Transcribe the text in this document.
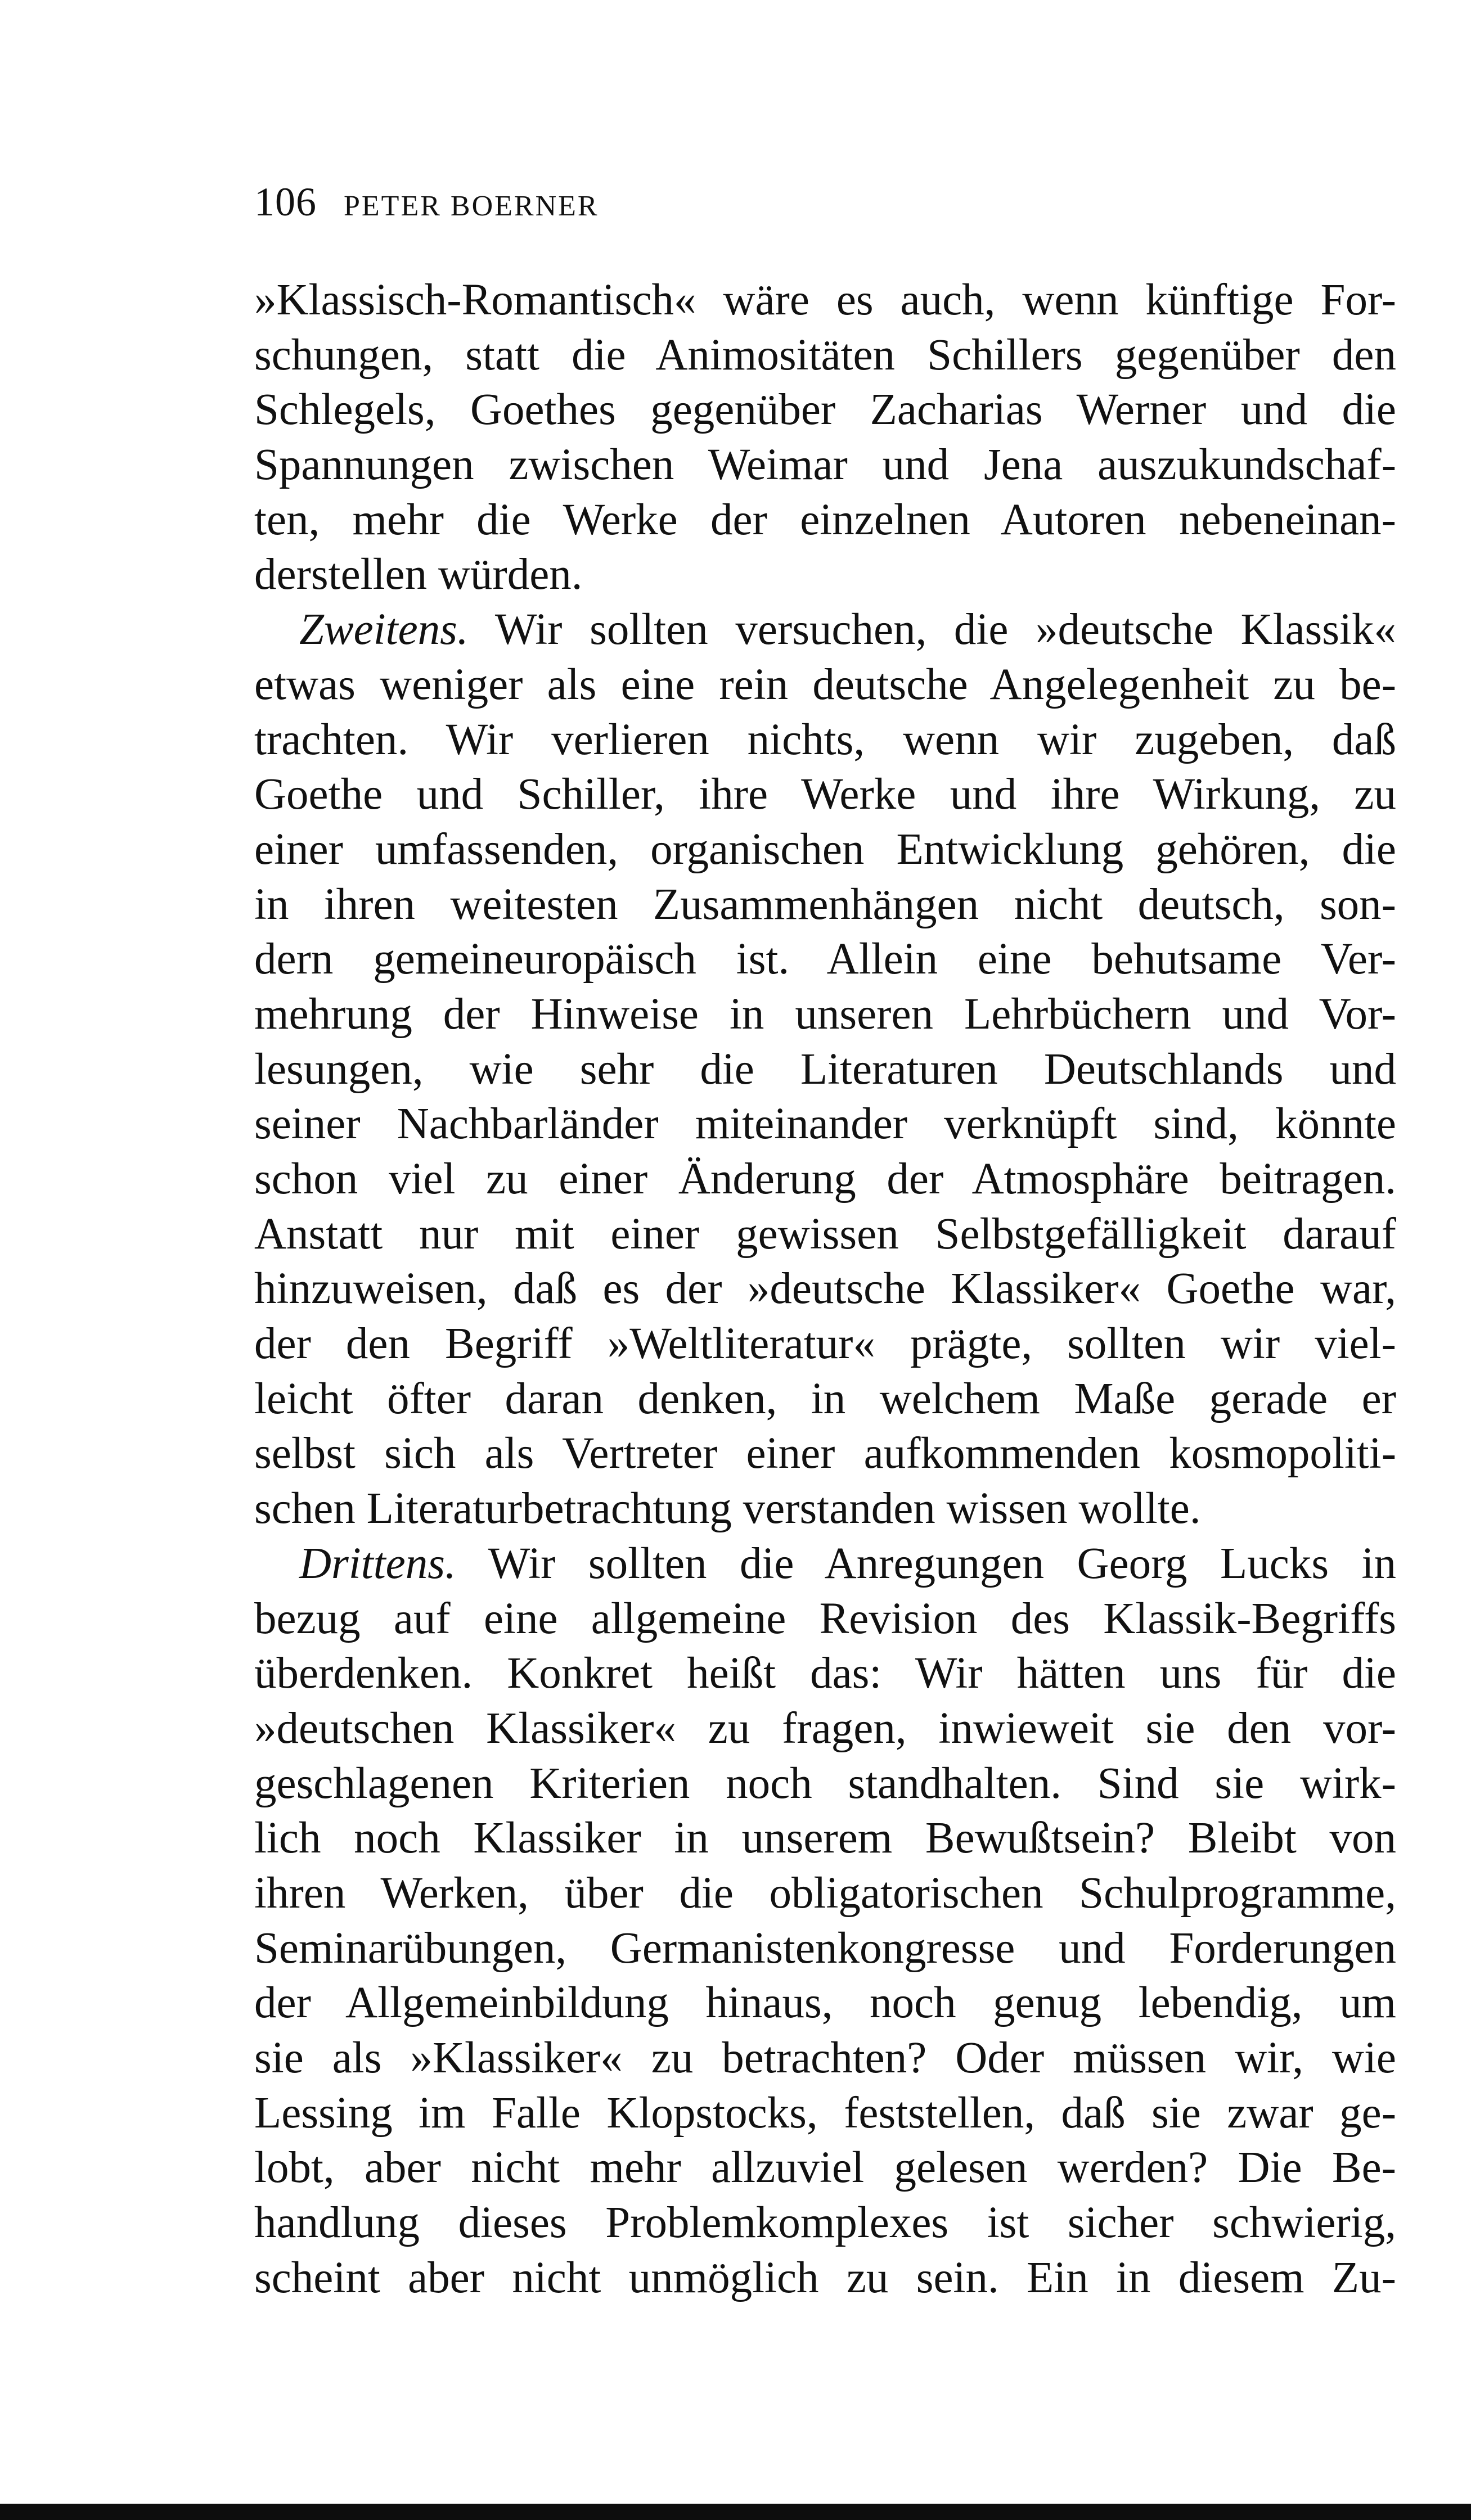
106 PETER BOERNER
»Klassisch-Romantisch« wäre es auch, wenn künftige For-
schungen, statt die Animositäten Schillers gegenüber den
Schlegels, Goethes gegenüber Zacharias Werner und die
Spannungen zwischen Weimar und Jena auszukundschaf-
ten, mehr die Werke der einzelnen Autoren nebeneinan-
derstellen würden.
Zweitens. Wir sollten versuchen, die »deutsche Klassik«
etwas weniger als eine rein deutsche Angelegenheit zu be-
trachten. Wir verlieren nichts, wenn wir zugeben, daß
Goethe und Schiller, ihre Werke und ihre Wirkung, zu
einer umfassenden, organischen Entwicklung gehören, die
in ihren weitesten Zusammenhängen nicht deutsch, son-
dern gemeineuropäisch ist. Allein eine behutsame Ver-
mehrung der Hinweise in unseren Lehrbüchern und Vor-
lesungen, wie sehr die Literaturen Deutschlands und
seiner Nachbarländer miteinander verknüpft sind, könnte
schon viel zu einer Änderung der Atmosphäre beitragen.
Anstatt nur mit einer gewissen Selbstgefälligkeit darauf
hinzuweisen, daß es der »deutsche Klassiker« Goethe war,
der den Begriff »Weltliteratur« prägte, sollten wir viel-
leicht öfter daran denken, in welchem Maße gerade er
selbst sich als Vertreter einer aufkommenden kosmopoliti-
schen Literaturbetrachtung verstanden wissen wollte.
Drittens. Wir sollten die Anregungen Georg Lucks in
bezug auf eine allgemeine Revision des Klassik-Begriffs
überdenken. Konkret heißt das: Wir hätten uns für die
»deutschen Klassiker« zu fragen, inwieweit sie den vor-
geschlagenen Kriterien noch standhalten. Sind sie wirk-
lich noch Klassiker in unserem Bewußtsein? Bleibt von
ihren Werken, über die obligatorischen Schulprogramme,
Seminarübungen, Germanistenkongresse und Forderungen
der Allgemeinbildung hinaus, noch genug lebendig, um
sie als »Klassiker« zu betrachten? Oder müssen wir, wie
Lessing im Falle Klopstocks, feststellen, daß sie zwar ge-
lobt, aber nicht mehr allzuviel gelesen werden? Die Be-
handlung dieses Problemkomplexes ist sicher schwierig,
scheint aber nicht unmöglich zu sein. Ein in diesem Zu-
